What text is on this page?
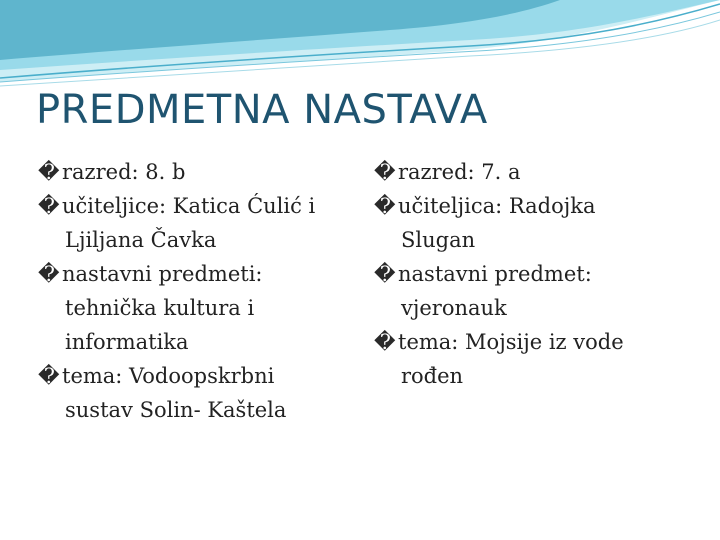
PREDMETNA NASTAVA
� razred: 8. b
� učiteljice: Katica Ćulić i Ljiljana Čavka
� nastavni predmeti: tehnička kultura i informatika
� tema: Vodoopskrbni sustav Solin- Kaštela
� razred: 7. a
� učiteljica: Radojka Slugan
� nastavni predmet: vjeronauk
� tema: Mojsije iz vode rođen
